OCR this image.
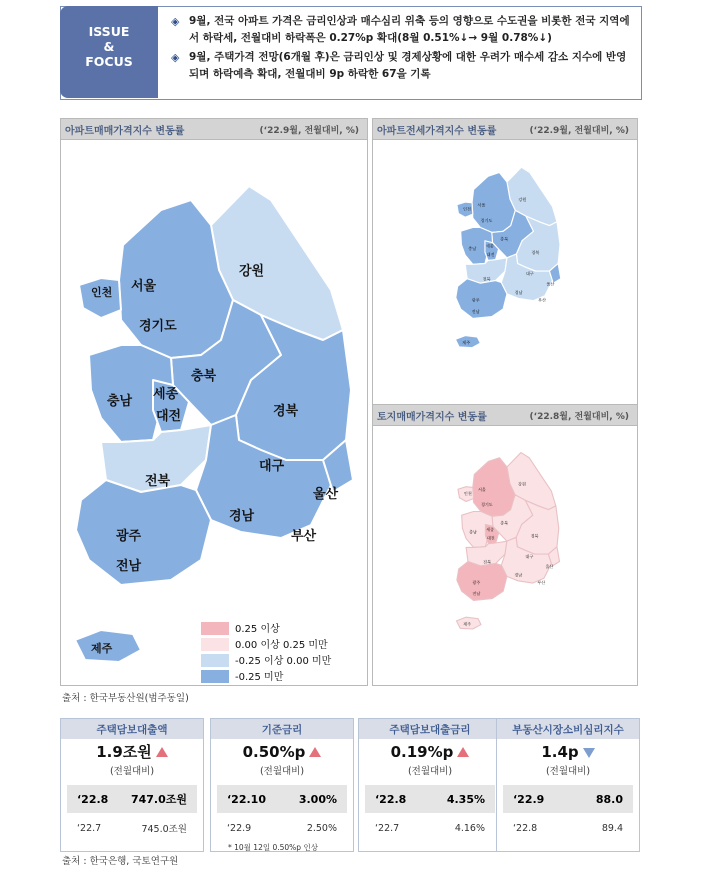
ISSUE
&
FOCUS
◈ 9월, 전국 아파트 가격은 금리인상과 매수심리 위축 등의 영향으로 수도권을 비롯한 전국 지역에서 하락세, 전월대비 하락폭은 0.27%p 확대(8월 0.51%↓→ 9월 0.78%↓)
◈ 9월, 주택가격 전망(6개월 후)은 금리인상 및 경제상황에 대한 우려가 매수세 감소 지수에 반영되며 하락예측 확대, 전월대비 9p 하락한 67을 기록
아파트매매가격지수 변동률	(‘22.9월, 전월대비, %)
서울
인천
경기도
강원
충북
충남 세종
대전	경북
대구
전북
울산
경남
부산
광주
전남
제주
0.25 이상
0.00 이상 0.25 미만
-0.25 이상 0.00 미만
-0.25 미만
아파트전세가격지수 변동률	(‘22.9월, 전월대비, %)
서울
인천
경기도
강원
충북
충남
세종
대전	경북
대구
전북
울산
경남
부산
광주
전남
제주
토지매매가격지수 변동률	(‘22.8월, 전월대비, %)
서울
인천
경기도
강원
충북
충남
세종
대전	경북
대구
전북
울산
경남
부산
광주
전남
제주
출처 : 한국부동산원(범주동일)
주택담보대출액
1.9조원
(전월대비)
‘22.8 747.0조원
‘22.7	745.0조원
기준금리
0.50%p
(전월대비)
‘22.10	3.00%
‘22.9	2.50%
주택담보대출금리
0.19%p
(전월대비)
‘22.8	4.35%
‘22.7	4.16%
부동산시장소비심리지수
1.4p
(전월대비)
‘22.9	88.0
‘22.8	89.4
* 10월 12일 0.50%p 인상
출처 : 한국은행, 국토연구원
